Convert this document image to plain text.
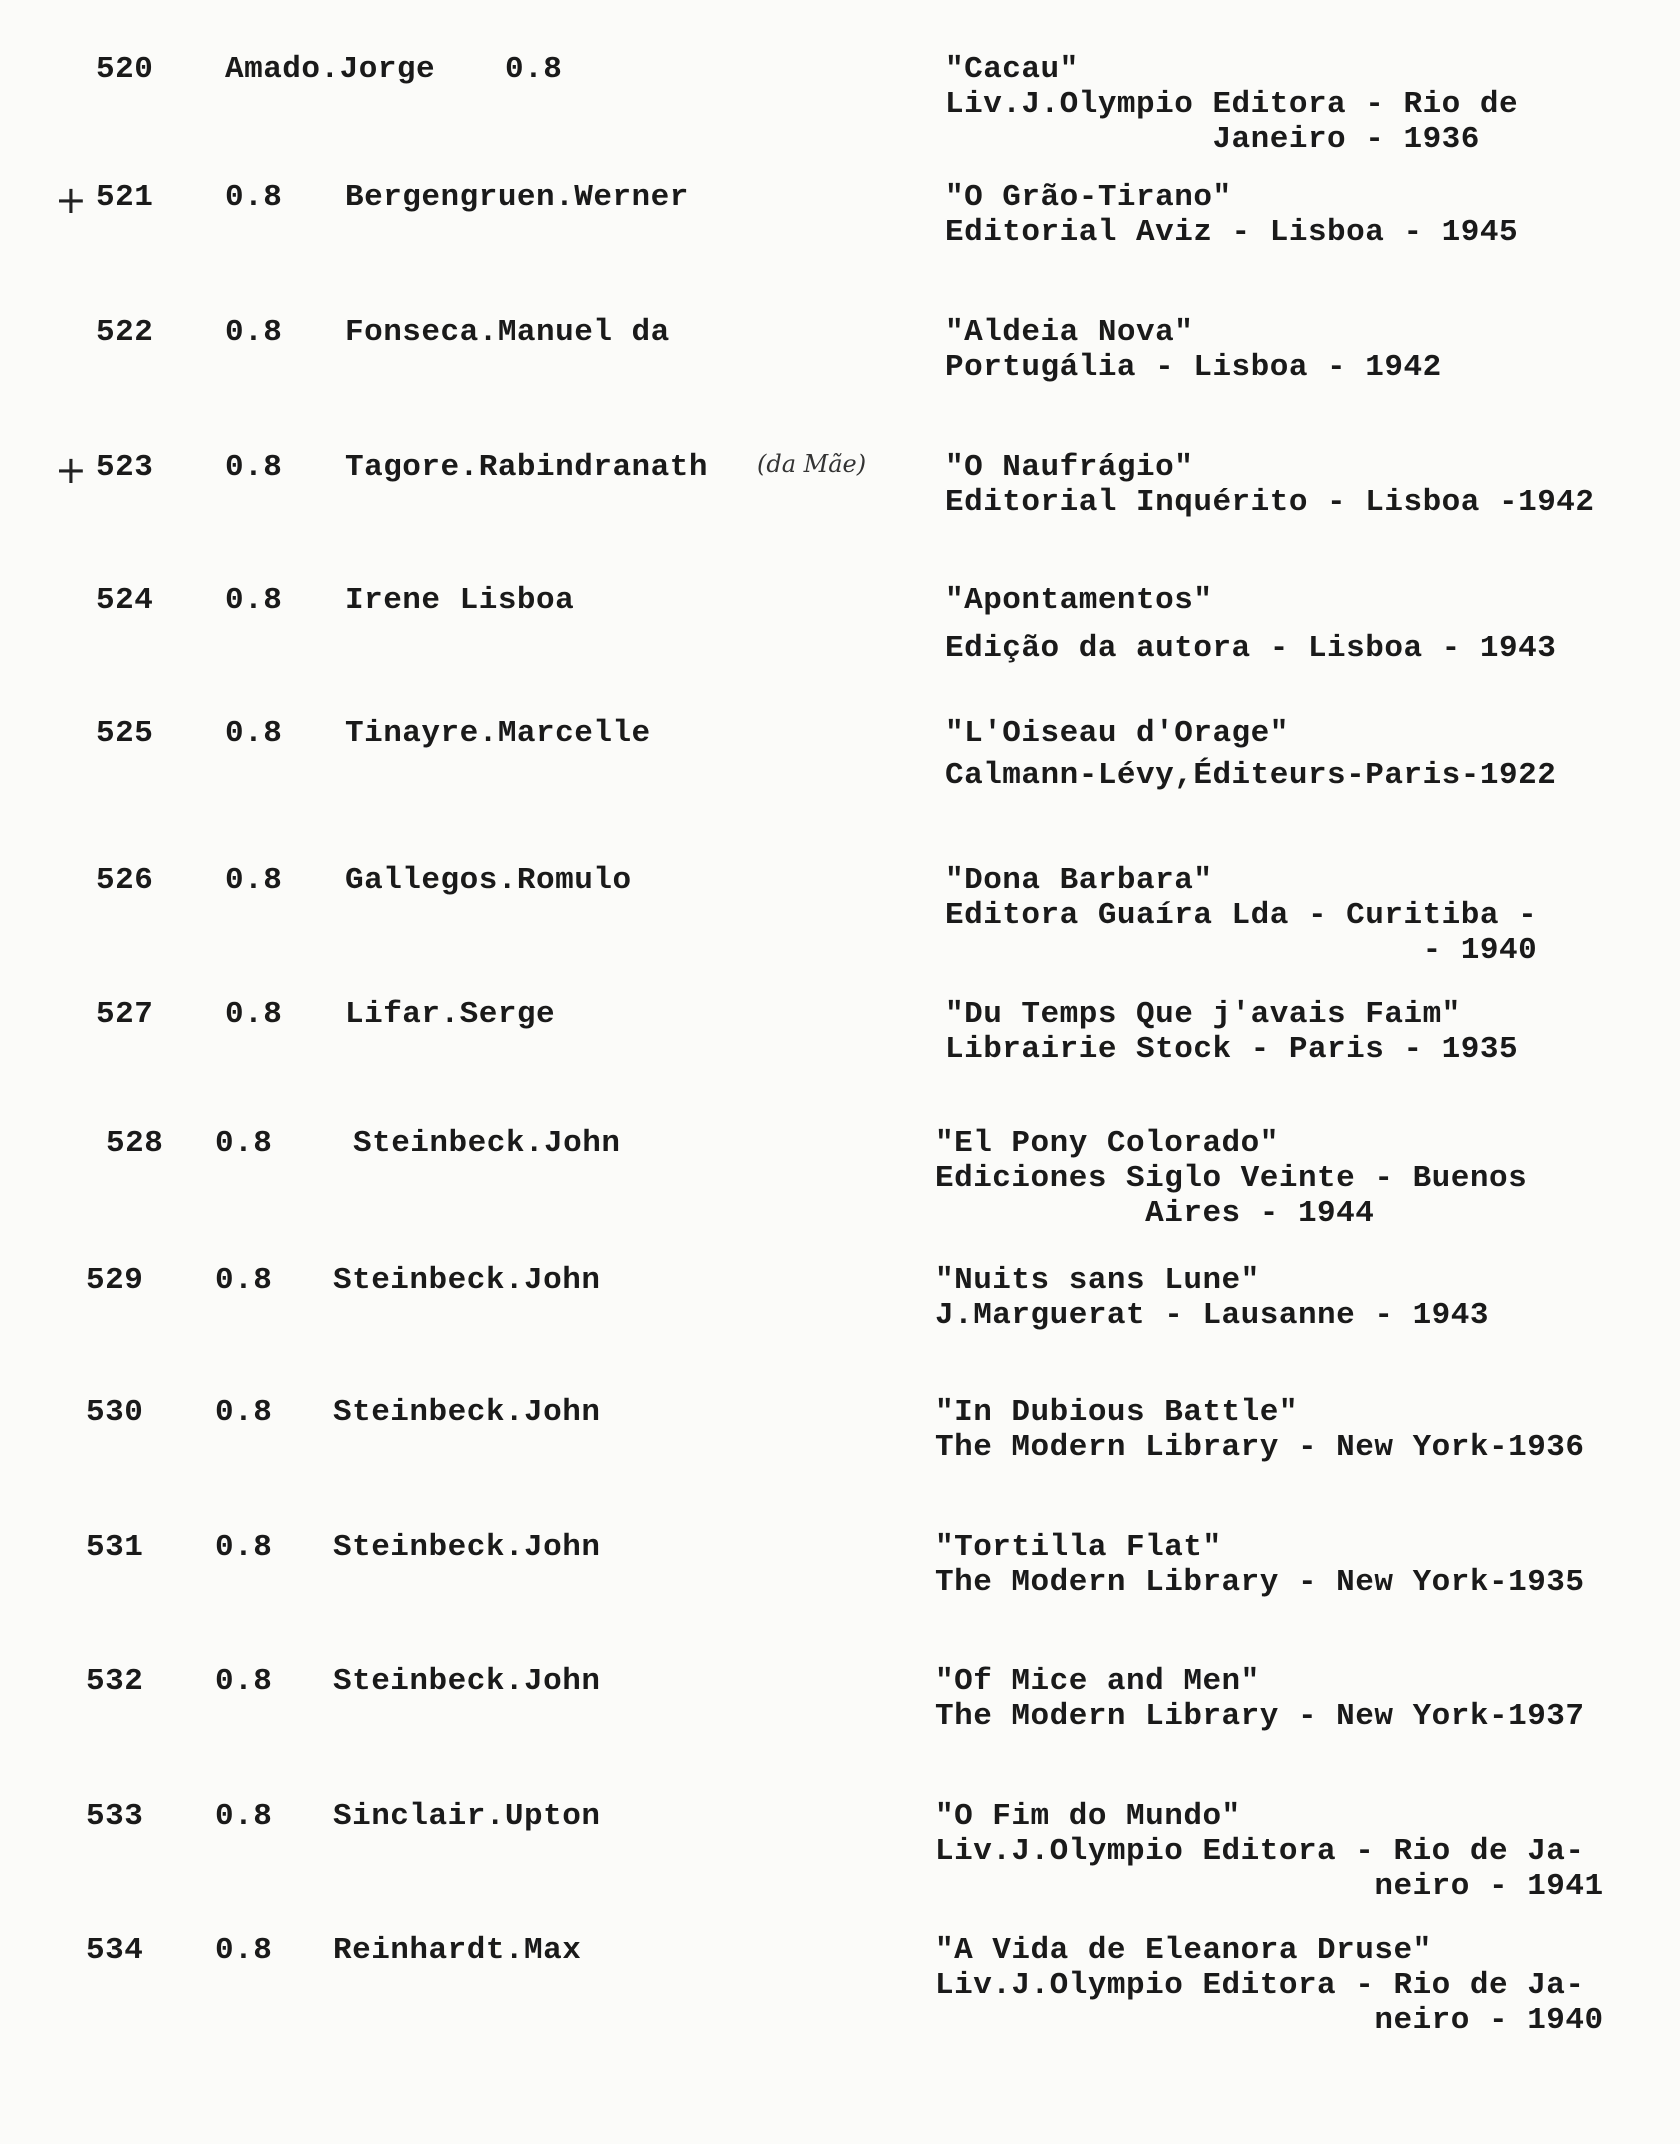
520 Amado.Jorge 0.8	"Cacau"
Liv.J.Olympio Editora - Rio de
Janeiro - 1936
+ 521 0.8 Bergengruen.Werner	"O Grão-Tirano"
Editorial Aviz - Lisboa - 1945
522 0.8 Fonseca.Manuel da	"Aldeia Nova"
Portugália - Lisboa - 1942
+ 523 0.8 Tagore.Rabindranath (da Mãe)	"O Naufrágio"
Editorial Inquérito - Lisboa -1942
524 0.8 Irene Lisboa	"Apontamentos"
Edição da autora - Lisboa - 1943
525 0.8 Tinayre.Marcelle	"L'Oiseau d'Orage"
Calmann-Lévy,Éditeurs-Paris-1922
526 0.8 Gallegos.Romulo	"Dona Barbara"
Editora Guaíra Lda - Curitiba -
- 1940
527 0.8 Lifar.Serge	"Du Temps Que j'avais Faim"
Librairie Stock - Paris - 1935
528 0.8	Steinbeck.John	"El Pony Colorado"
Ediciones Siglo Veinte - Buenos
Aires - 1944
529 0.8 Steinbeck.John	"Nuits sans Lune"
J.Marguerat - Lausanne - 1943
530 0.8 Steinbeck.John	"In Dubious Battle"
The Modern Library - New York-1936
531 0.8 Steinbeck.John	"Tortilla Flat"
The Modern Library - New York-1935
532 0.8 Steinbeck.John	"Of Mice and Men"
The Modern Library - New York-1937
533 0.8 Sinclair.Upton	"O Fim do Mundo"
Liv.J.Olympio Editora - Rio de Ja-
neiro - 1941
534 0.8 Reinhardt.Max	"A Vida de Eleanora Druse"
Liv.J.Olympio Editora - Rio de Ja-
neiro - 1940
